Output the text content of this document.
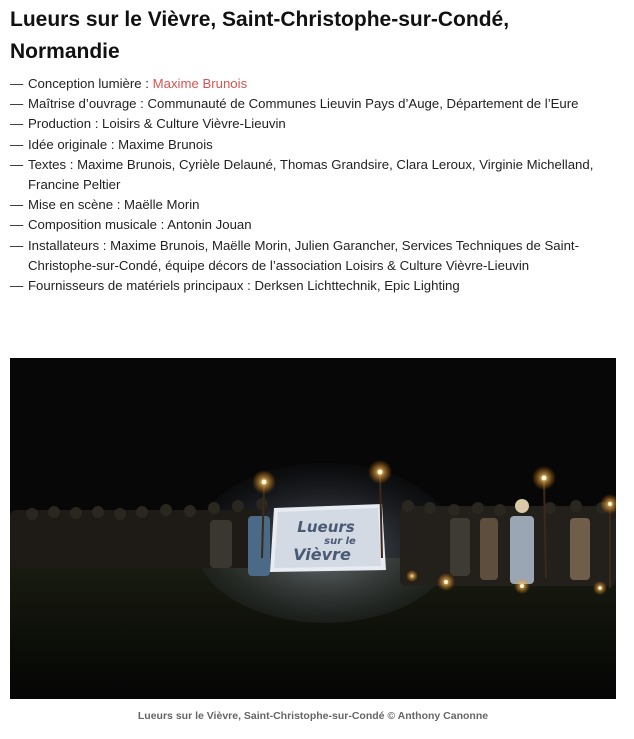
Lueurs sur le Vièvre, Saint-Christophe-sur-Condé, Normandie
— Conception lumière : Maxime Brunois
— Maîtrise d’ouvrage : Communauté de Communes Lieuvin Pays d’Auge, Département de l’Eure
— Production : Loisirs & Culture Vièvre-Lieuvin
— Idée originale : Maxime Brunois
— Textes : Maxime Brunois, Cyrièle Delauné, Thomas Grandsire, Clara Leroux, Virginie Michelland, Francine Peltier
— Mise en scène : Maëlle Morin
— Composition musicale : Antonin Jouan
— Installateurs : Maxime Brunois, Maëlle Morin, Julien Garancher, Services Techniques de Saint-Christophe-sur-Condé, équipe décors de l’association Loisirs & Culture Vièvre-Lieuvin
— Fournisseurs de matériels principaux : Derksen Lichttechnik, Epic Lighting
Lueurs
sur le
Vièvre
Lueurs sur le Vièvre, Saint-Christophe-sur-Condé © Anthony Canonne
